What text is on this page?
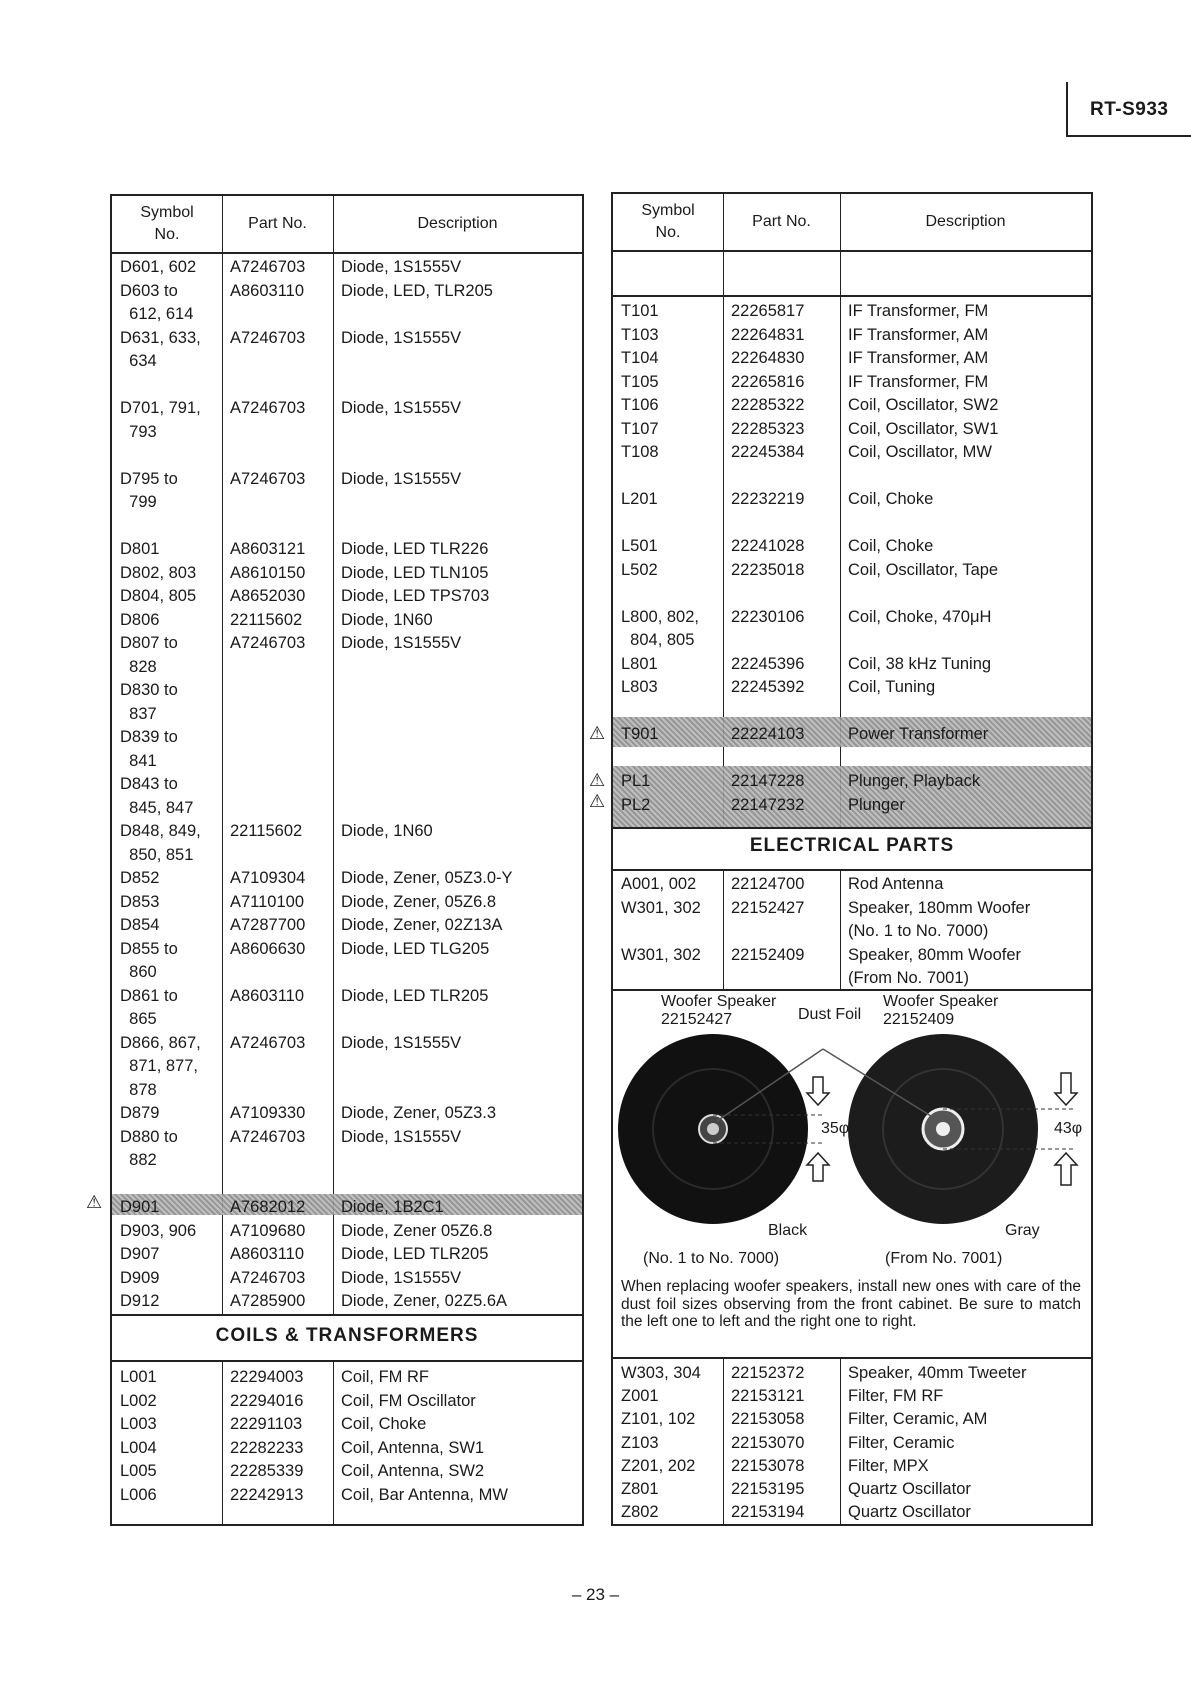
RT-S933
Symbol
No.
Part No.	Description
D601, 602 A7246703 Diode, 1S1555V
D603 to	A8603110 Diode, LED, TLR205
612, 614
D631, 633, A7246703 Diode, 1S1555V
634
D701, 791, A7246703 Diode, 1S1555V
793
D795 to	A7246703 Diode, 1S1555V
799
D801	A8603121 Diode, LED TLR226
D802, 803 A8610150 Diode, LED TLN105
D804, 805 A8652030 Diode, LED TPS703
D806	22115602 Diode, 1N60
D807 to	A7246703 Diode, 1S1555V
828
D830 to
837
D839 to
841
D843 to
845, 847
D848, 849, 22115602 Diode, 1N60
850, 851
D852	A7109304 Diode, Zener, 05Z3.0-Y
D853	A7110100 Diode, Zener, 05Z6.8
D854	A7287700 Diode, Zener, 02Z13A
D855 to	A8606630 Diode, LED TLG205
860
D861 to	A8603110 Diode, LED TLR205
865
D866, 867, A7246703 Diode, 1S1555V
871, 877,
878
D879	A7109330 Diode, Zener, 05Z3.3
D880 to	A7246703 Diode, 1S1555V
882
D901	A7682012 Diode, 1B2C1
D903, 906 A7109680 Diode, Zener 05Z6.8
D907	A8603110 Diode, LED TLR205
D909	A7246703 Diode, 1S1555V
D912	A7285900 Diode, Zener, 02Z5.6A
COILS & TRANSFORMERS
L001	22294003 Coil, FM RF
L002	22294016 Coil, FM Oscillator
L003	22291103 Coil, Choke
L004	22282233 Coil, Antenna, SW1
L005	22285339 Coil, Antenna, SW2
L006	22242913 Coil, Bar Antenna, MW
⚠
Symbol
No.
Part No.	Description
T101	22265817	IF Transformer, FM
T103	22264831	IF Transformer, AM
T104	22264830	IF Transformer, AM
T105	22265816	IF Transformer, FM
T106	22285322	Coil, Oscillator, SW2
T107	22285323	Coil, Oscillator, SW1
T108	22245384	Coil, Oscillator, MW
L201	22232219	Coil, Choke
L501	22241028	Coil, Choke
L502	22235018	Coil, Oscillator, Tape
L800, 802, 22230106	Coil, Choke, 470μH
804, 805
L801	22245396	Coil, 38 kHz Tuning
L803	22245392	Coil, Tuning
T901	22224103	Power Transformer
PL1	22147228	Plunger, Playback
PL2	22147232	Plunger
ELECTRICAL PARTS
A001, 002 22124700	Rod Antenna
W301, 302 22152427	Speaker, 180mm Woofer
(No. 1 to No. 7000)
W301, 302 22152409	Speaker, 80mm Woofer
(From No. 7001)
Woofer Speaker
22152427	Dust Foil
Woofer Speaker
22152409
35φ	43φ
Black	Gray
(No. 1 to No. 7000)	(From No. 7001)
When replacing woofer speakers, install new ones with care of the dust foil sizes observing from the front cabinet. Be sure to match the left one to left and the right one to right.
W303, 304 22152372	Speaker, 40mm Tweeter
Z001	22153121	Filter, FM RF
Z101, 102 22153058	Filter, Ceramic, AM
Z103	22153070	Filter, Ceramic
Z201, 202 22153078	Filter, MPX
Z801	22153195	Quartz Oscillator
Z802	22153194	Quartz Oscillator
⚠
⚠
⚠
– 23 –
